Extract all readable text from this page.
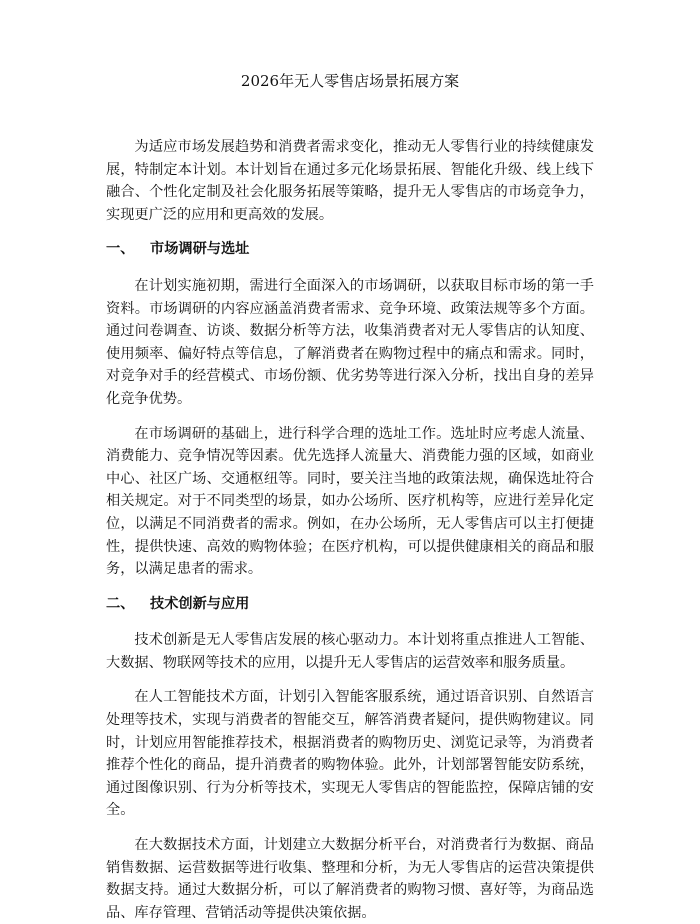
2026年无人零售店场景拓展方案

为适应市场发展趋势和消费者需求变化，推动无人零售行业的持续健康发展，特制定本计划。本计划旨在通过多元化场景拓展、智能化升级、线上线下融合、个性化定制及社会化服务拓展等策略，提升无人零售店的市场竞争力，实现更广泛的应用和更高效的发展。

一、 市场调研与选址

在计划实施初期，需进行全面深入的市场调研，以获取目标市场的第一手资料。市场调研的内容应涵盖消费者需求、竞争环境、政策法规等多个方面。通过问卷调查、访谈、数据分析等方法，收集消费者对无人零售店的认知度、使用频率、偏好特点等信息，了解消费者在购物过程中的痛点和需求。同时，对竞争对手的经营模式、市场份额、优劣势等进行深入分析，找出自身的差异化竞争优势。

在市场调研的基础上，进行科学合理的选址工作。选址时应考虑人流量、消费能力、竞争情况等因素。优先选择人流量大、消费能力强的区域，如商业中心、社区广场、交通枢纽等。同时，要关注当地的政策法规，确保选址符合相关规定。对于不同类型的场景，如办公场所、医疗机构等，应进行差异化定位，以满足不同消费者的需求。例如，在办公场所，无人零售店可以主打便捷性，提供快速、高效的购物体验；在医疗机构，可以提供健康相关的商品和服务，以满足患者的需求。

二、 技术创新与应用

技术创新是无人零售店发展的核心驱动力。本计划将重点推进人工智能、大数据、物联网等技术的应用，以提升无人零售店的运营效率和服务质量。

在人工智能技术方面，计划引入智能客服系统，通过语音识别、自然语言处理等技术，实现与消费者的智能交互，解答消费者疑问，提供购物建议。同时，计划应用智能推荐技术，根据消费者的购物历史、浏览记录等，为消费者推荐个性化的商品，提升消费者的购物体验。此外，计划部署智能安防系统，通过图像识别、行为分析等技术，实现无人零售店的智能监控，保障店铺的安全。

在大数据技术方面，计划建立大数据分析平台，对消费者行为数据、商品销售数据、运营数据等进行收集、整理和分析，为无人零售店的运营决策提供数据支持。通过大数据分析，可以了解消费者的购物习惯、喜好等，为商品选品、库存管理、营销活动等提供决策依据。
